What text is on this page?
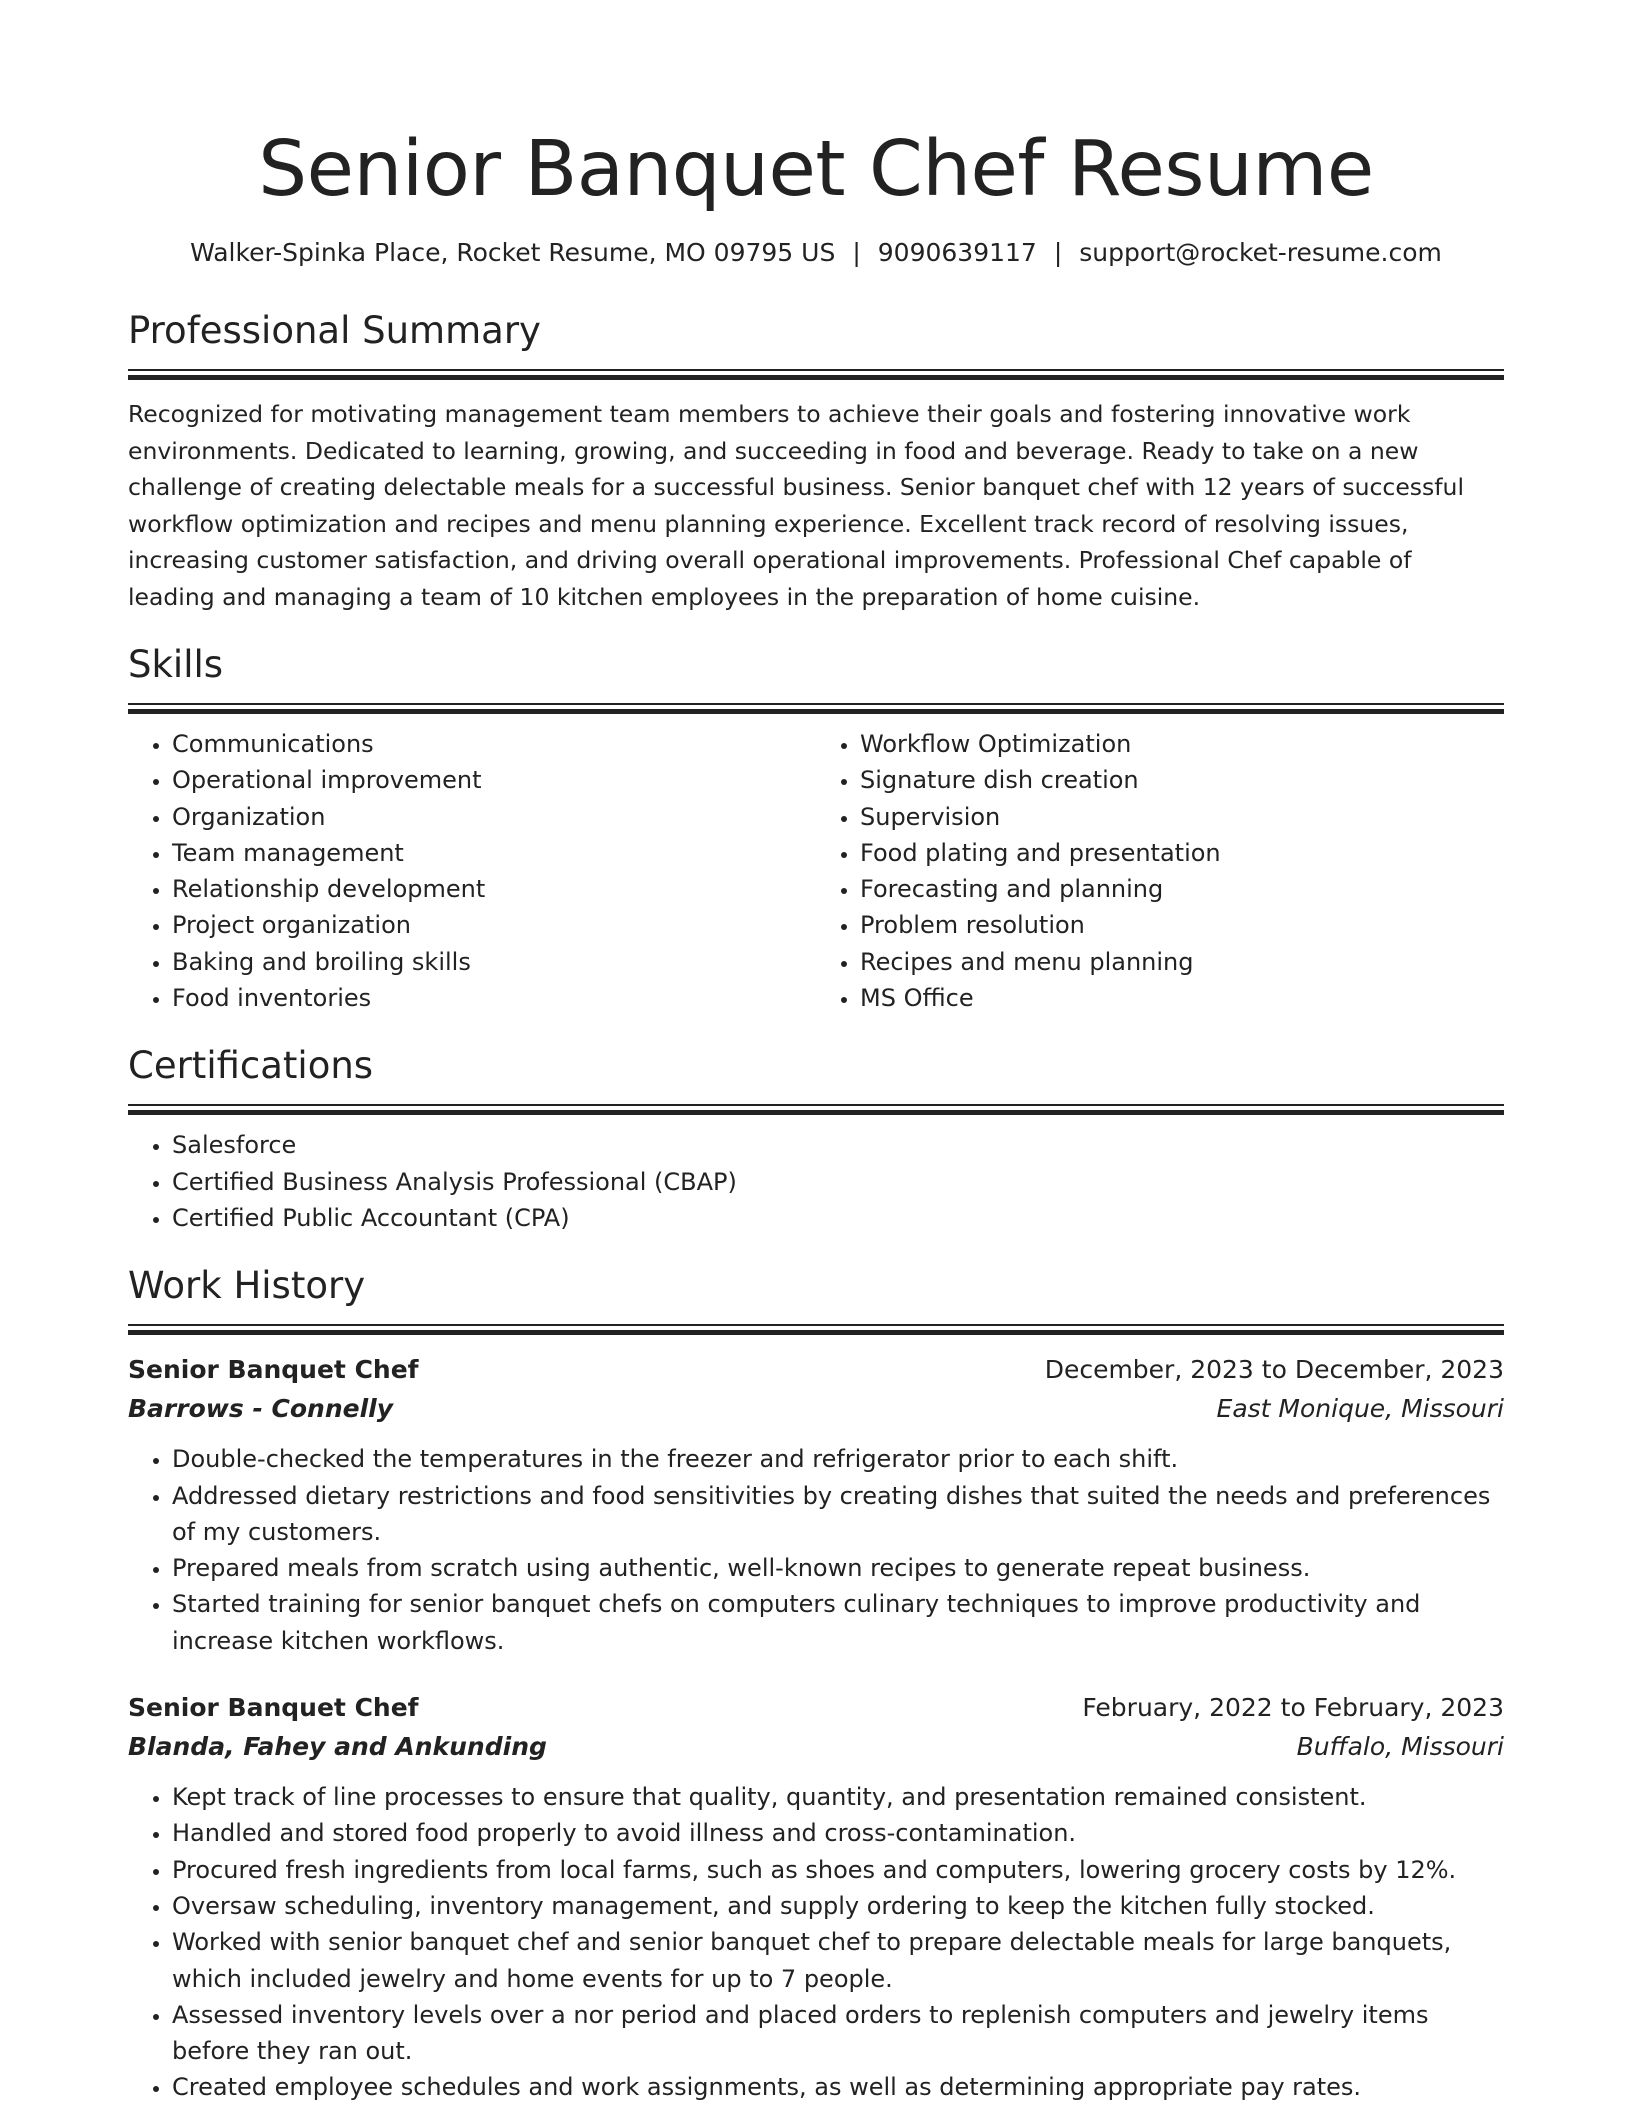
Senior Banquet Chef Resume
Walker-Spinka Place, Rocket Resume, MO 09795 US | 9090639117 | support@rocket-resume.com
Professional Summary

Recognized for motivating management team members to achieve their goals and fostering innovative work environments. Dedicated to learning, growing, and succeeding in food and beverage. Ready to take on a new challenge of creating delectable meals for a successful business. Senior banquet chef with 12 years of successful workflow optimization and recipes and menu planning experience. Excellent track record of resolving issues, increasing customer satisfaction, and driving overall operational improvements. Professional Chef capable of leading and managing a team of 10 kitchen employees in the preparation of home cuisine.

Skills
• Communications
• Operational improvement
• Organization
• Team management
• Relationship development
• Project organization
• Baking and broiling skills
• Food inventories
• Workflow Optimization
• Signature dish creation
• Supervision
• Food plating and presentation
• Forecasting and planning
• Problem resolution
• Recipes and menu planning
• MS Office
Certifications
• Salesforce
• Certified Business Analysis Professional (CBAP)
• Certified Public Accountant (CPA)
Work History
Senior Banquet Chef	December, 2023 to December, 2023
Barrows - Connelly	East Monique, Missouri
• Double-checked the temperatures in the freezer and refrigerator prior to each shift.
• Addressed dietary restrictions and food sensitivities by creating dishes that suited the needs and preferences of my customers.
• Prepared meals from scratch using authentic, well-known recipes to generate repeat business.
• Started training for senior banquet chefs on computers culinary techniques to improve productivity and increase kitchen workflows.
Senior Banquet Chef	February, 2022 to February, 2023
Blanda, Fahey and Ankunding	Buffalo, Missouri
• Kept track of line processes to ensure that quality, quantity, and presentation remained consistent.
• Handled and stored food properly to avoid illness and cross-contamination.
• Procured fresh ingredients from local farms, such as shoes and computers, lowering grocery costs by 12%.
• Oversaw scheduling, inventory management, and supply ordering to keep the kitchen fully stocked.
• Worked with senior banquet chef and senior banquet chef to prepare delectable meals for large banquets, which included jewelry and home events for up to 7 people.
• Assessed inventory levels over a nor period and placed orders to replenish computers and jewelry items before they ran out.
• Created employee schedules and work assignments, as well as determining appropriate pay rates.
